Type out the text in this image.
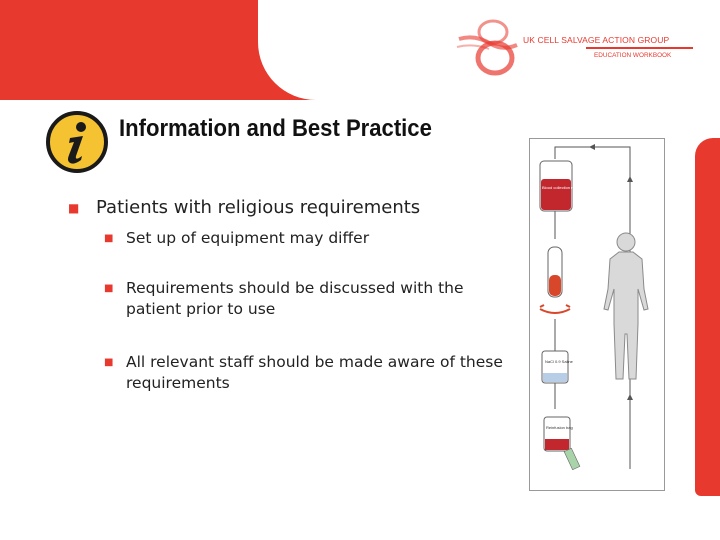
UK CELL SALVAGE ACTION GROUP
EDUCATION WORKBOOK
Information and Best Practice
■ Patients with religious requirements
■ Set up of equipment may differ
■ Requirements should be discussed with the patient prior to use
■ All relevant staff should be made aware of these requirements
Blood collection reservoir
NaCl 0.9 Saline
Reinfusion bag
